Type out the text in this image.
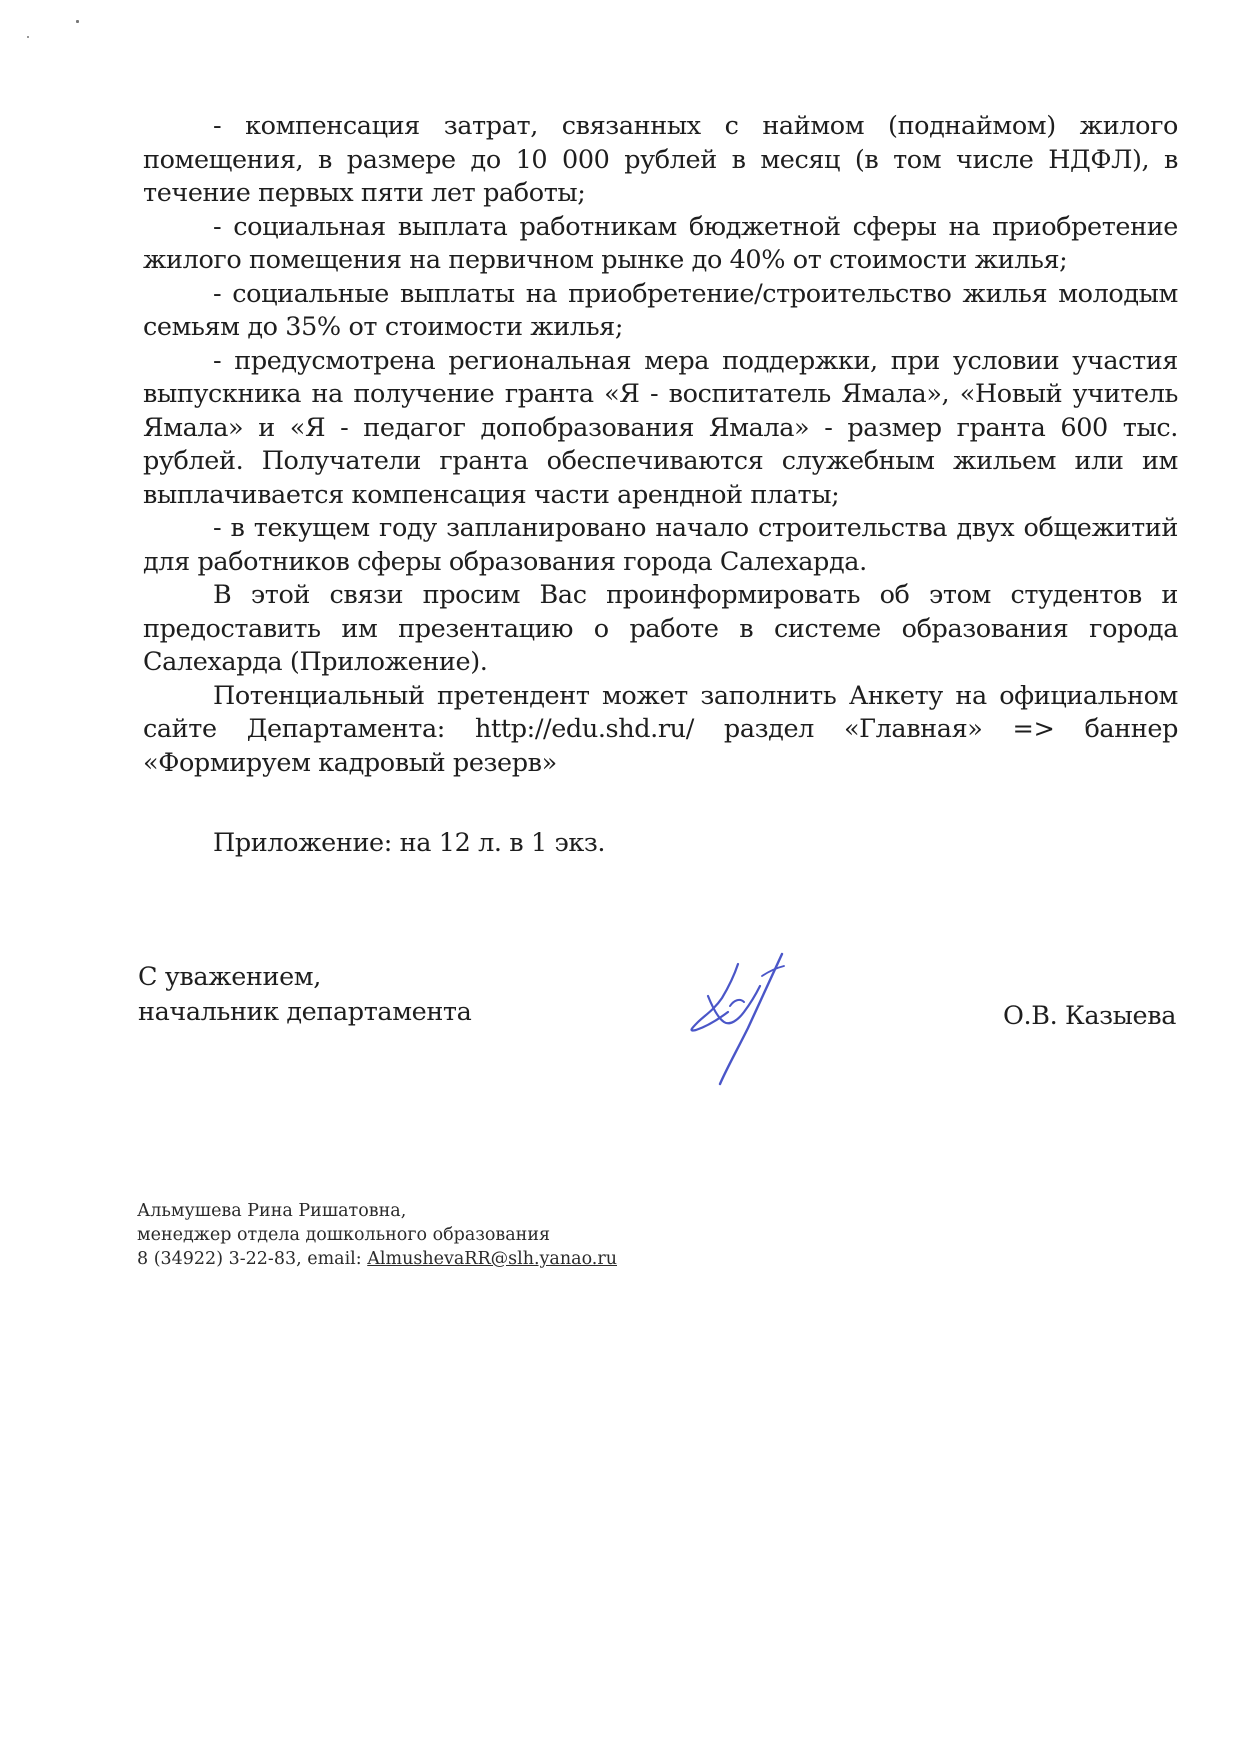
- компенсация затрат, связанных с наймом (поднаймом) жилого помещения, в размере до 10 000 рублей в месяц (в том числе НДФЛ), в течение первых пяти лет работы;

- социальная выплата работникам бюджетной сферы на приобретение жилого помещения на первичном рынке до 40% от стоимости жилья;

- социальные выплаты на приобретение/строительство жилья молодым семьям до 35% от стоимости жилья;

- предусмотрена региональная мера поддержки, при условии участия выпускника на получение гранта «Я - воспитатель Ямала», «Новый учитель Ямала» и «Я - педагог допобразования Ямала» - размер гранта 600 тыс. рублей. Получатели гранта обеспечиваются служебным жильем или им выплачивается компенсация части арендной платы;

- в текущем году запланировано начало строительства двух общежитий для работников сферы образования города Салехарда.

В этой связи просим Вас проинформировать об этом студентов и предоставить им презентацию о работе в системе образования города Салехарда (Приложение).

Потенциальный претендент может заполнить Анкету на официальном сайте Департамента: http://edu.shd.ru/ раздел «Главная» => баннер «Формируем кадровый резерв»

Приложение: на 12 л. в 1 экз.
С уважением,
начальник департамента	О.В. Казыева
Альмушева Рина Ришатовна,
менеджер отдела дошкольного образования
8 (34922) 3-22-83, email: AlmushevaRR@slh.yanao.ru
